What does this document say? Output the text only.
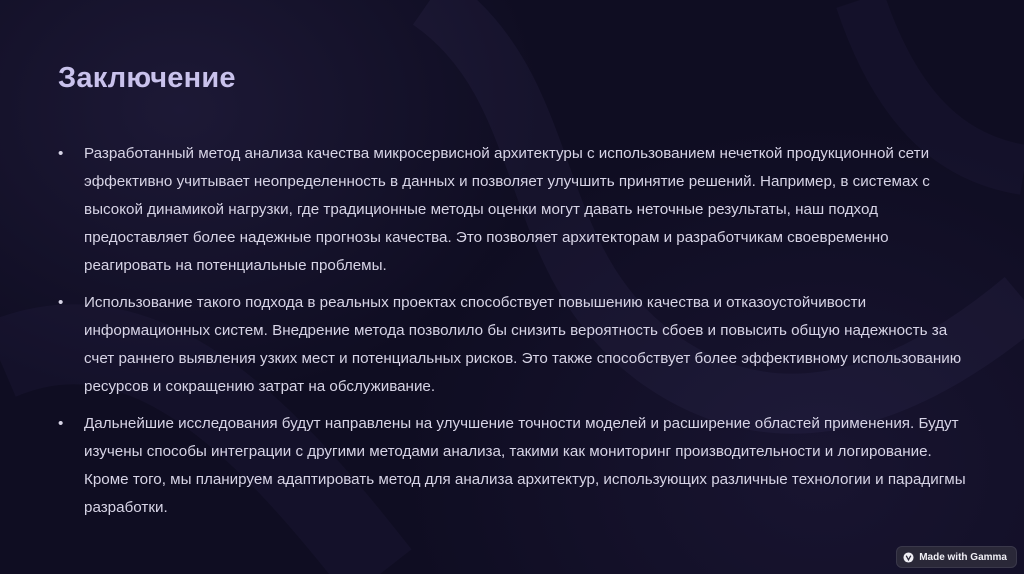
Заключение
• Разработанный метод анализа качества микросервисной архитектуры с использованием нечеткой продукционной сети эффективно учитывает неопределенность в данных и позволяет улучшить принятие решений. Например, в системах с высокой динамикой нагрузки, где традиционные методы оценки могут давать неточные результаты, наш подход предоставляет более надежные прогнозы качества. Это позволяет архитекторам и разработчикам своевременно реагировать на потенциальные проблемы.
• Использование такого подхода в реальных проектах способствует повышению качества и отказоустойчивости информационных систем. Внедрение метода позволило бы снизить вероятность сбоев и повысить общую надежность за счет раннего выявления узких мест и потенциальных рисков. Это также способствует более эффективному использованию ресурсов и сокращению затрат на обслуживание.
• Дальнейшие исследования будут направлены на улучшение точности моделей и расширение областей применения. Будут изучены способы интеграции с другими методами анализа, такими как мониторинг производительности и логирование. Кроме того, мы планируем адаптировать метод для анализа архитектур, использующих различные технологии и парадигмы разработки.
Made with Gamma
